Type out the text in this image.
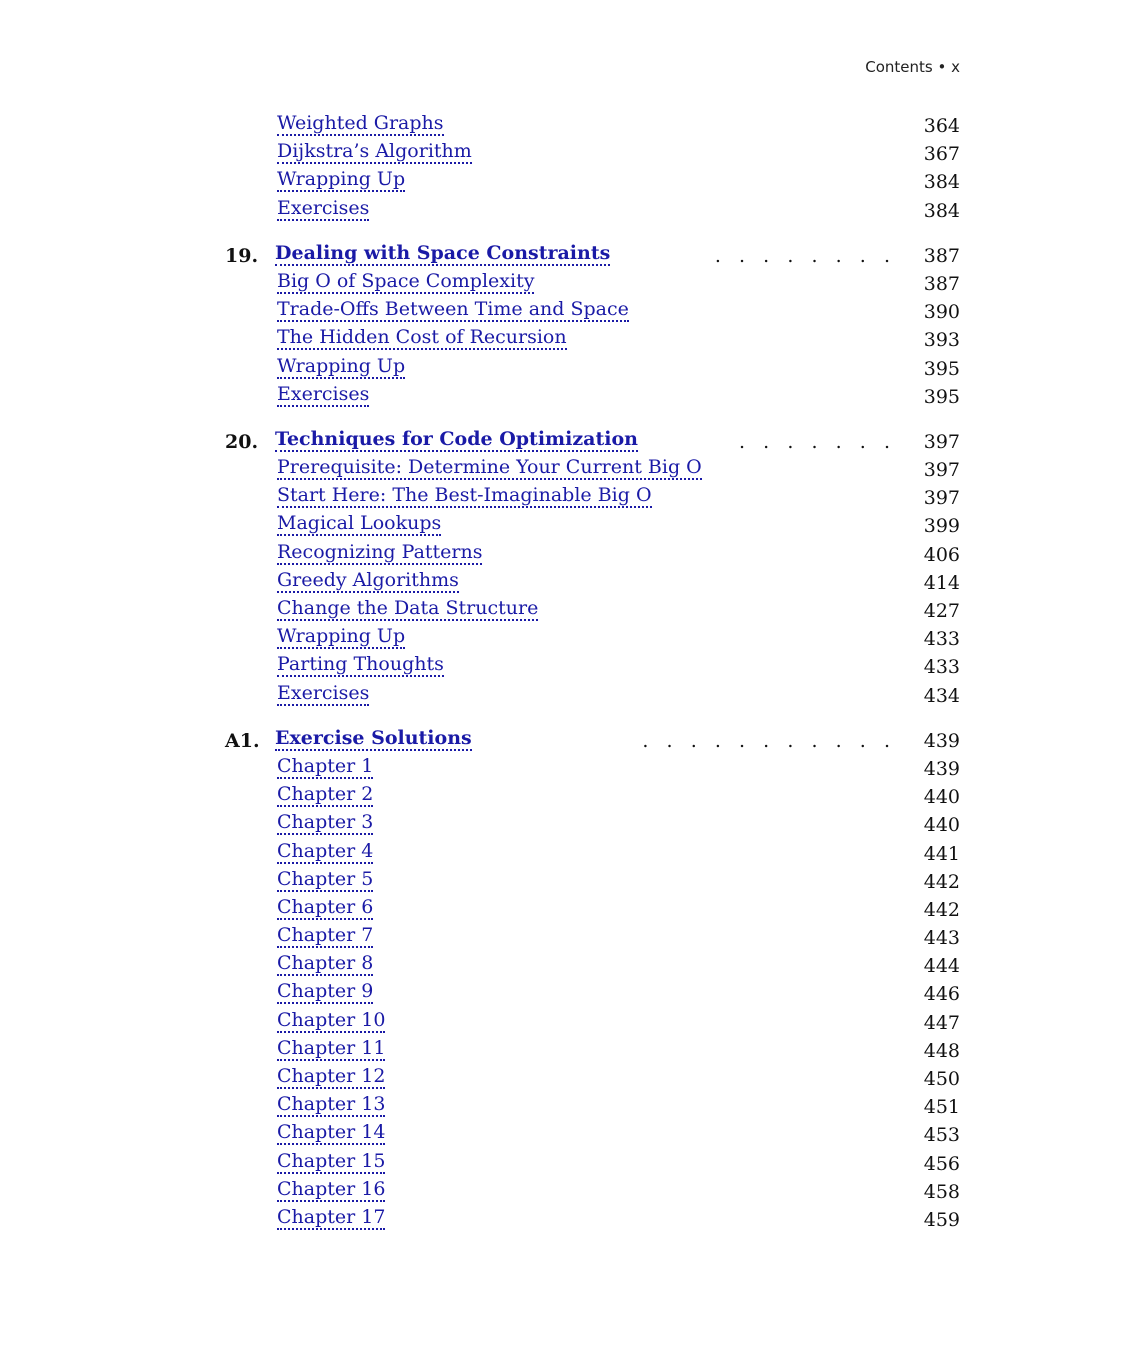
Contents • x
Weighted Graphs	364
Dijkstra’s Algorithm	367
Wrapping Up	384
Exercises	384
19. Dealing with Space Constraints	.   .   .   .   .   .   .   . 387
Big O of Space Complexity	387
Trade-Offs Between Time and Space	390
The Hidden Cost of Recursion	393
Wrapping Up	395
Exercises	395
20. Techniques for Code Optimization	.   .   .   .   .   .   . 397
Prerequisite: Determine Your Current Big O	397
Start Here: The Best-Imaginable Big O	397
Magical Lookups	399
Recognizing Patterns	406
Greedy Algorithms	414
Change the Data Structure	427
Wrapping Up	433
Parting Thoughts	433
Exercises	434
A1. Exercise Solutions	.   .   .   .   .   .   .   .   .   .   . 439
Chapter 1	439
Chapter 2	440
Chapter 3	440
Chapter 4	441
Chapter 5	442
Chapter 6	442
Chapter 7	443
Chapter 8	444
Chapter 9	446
Chapter 10	447
Chapter 11	448
Chapter 12	450
Chapter 13	451
Chapter 14	453
Chapter 15	456
Chapter 16	458
Chapter 17	459
